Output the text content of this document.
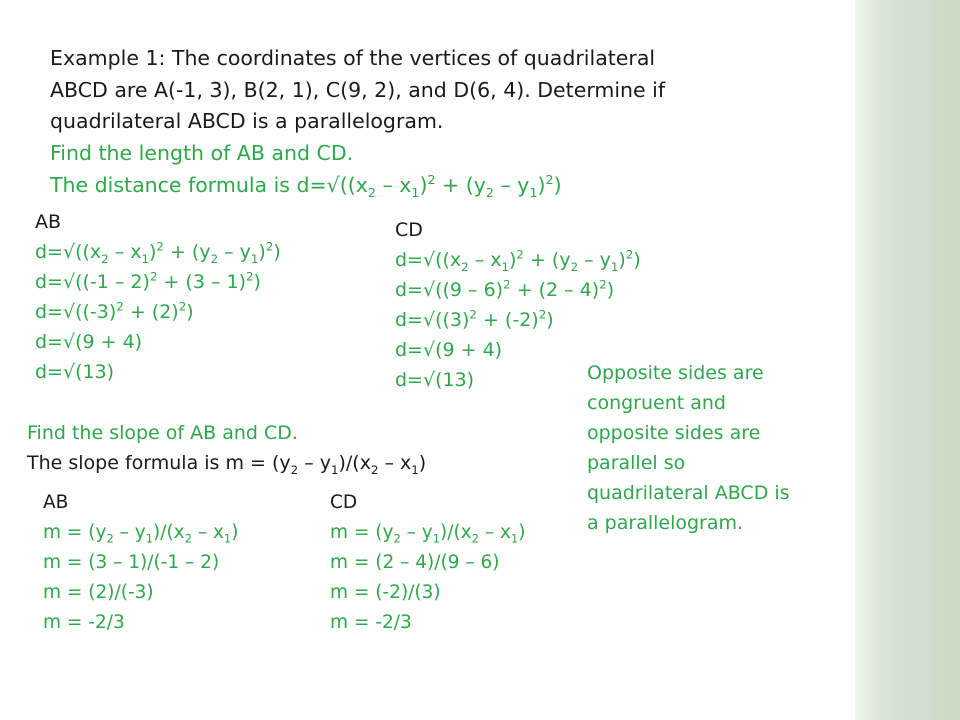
Example 1: The coordinates of the vertices of quadrilateral
ABCD are A(-1, 3), B(2, 1), C(9, 2), and D(6, 4). Determine if
quadrilateral ABCD is a parallelogram.
Find the length of AB and CD.
The distance formula is $d=√((x_2 - x_1)^2 + (y_2 - y_1)^2)$
AB
$d=√((x_2 - x_1)^2 + (y_2 - y_1)^2)$
d=√((-1 – 2)$^2$ + (3 – 1)$^2$)
$d=√((-3)^2 + (2)^2)$
d=√(9 + 4)
d=√(13)
CD
$d=√((x_2 - x_1)^2 + (y_2 - y_1)^2)$
d=√((9 – 6)$^2$ + (2 – 4)$^2$)
$d=√((3)^2 + (-2)^2)$
d=√(9 + 4)
d=√(13)	Opposite sides are
congruent and
opposite sides are
parallel so
quadrilateral ABCD is
a parallelogram.
Find the slope of AB and CD.
The slope formula is $m = (y_2 - y_1)/(x_2 - x_1)$
AB
$m = (y_2 - y_1)/(x_2 - x_1)$
m = (3 – 1)/(-1 – 2)
m = (2)/(-3)
m = -2/3
CD
$m = (y_2 - y_1)/(x_2 - x_1)$
m = (2 – 4)/(9 – 6)
m = (-2)/(3)
m = -2/3
